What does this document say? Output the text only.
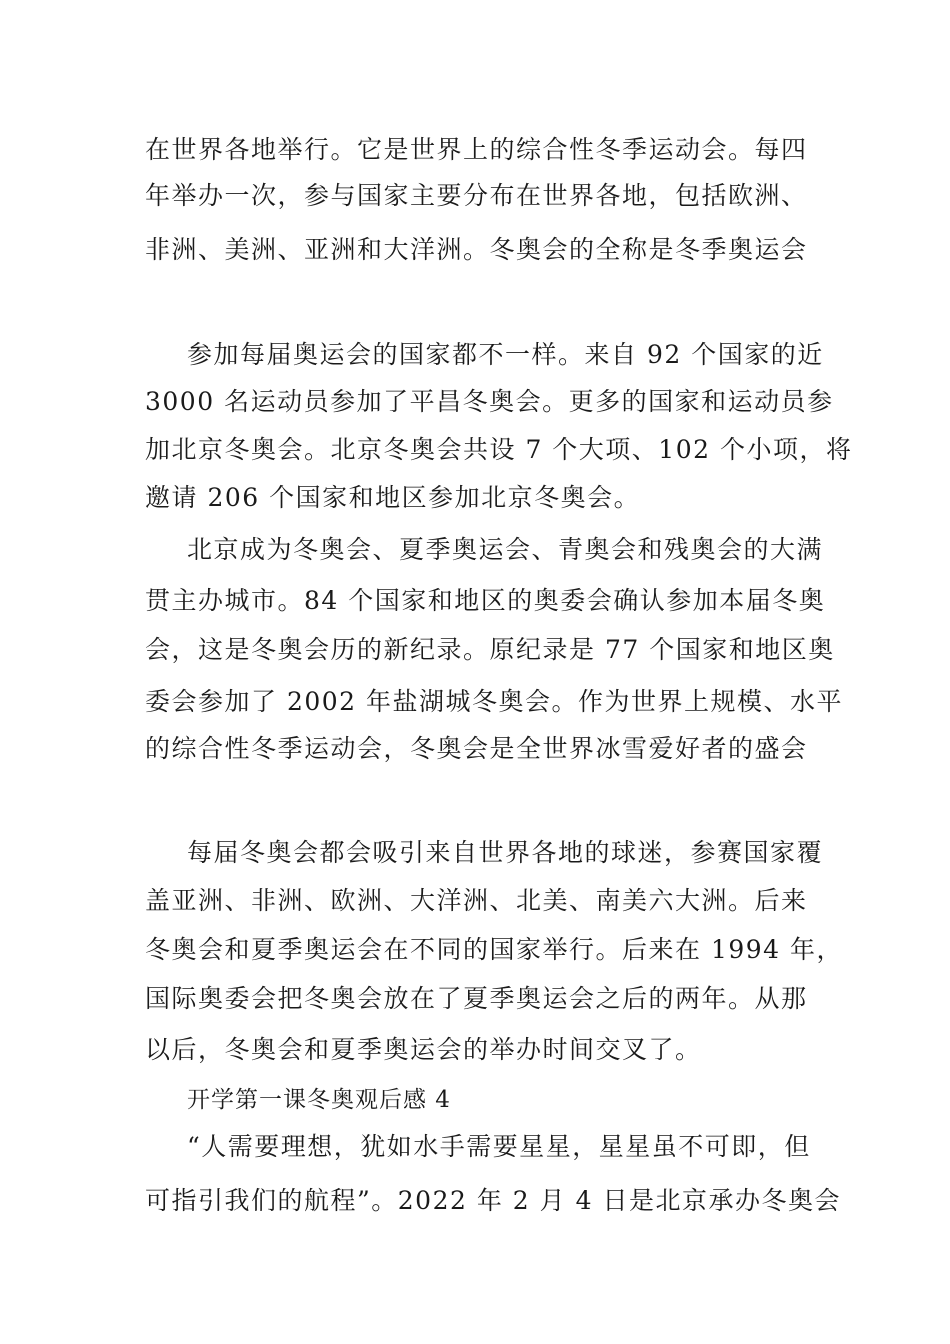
在世界各地举行。它是世界上的综合性冬季运动会。每四
年举办一次，参与国家主要分布在世界各地，包括欧洲、
非洲、美洲、亚洲和大洋洲。冬奥会的全称是冬季奥运会
参加每届奥运会的国家都不一样。来自 92 个国家的近
3000 名运动员参加了平昌冬奥会。更多的国家和运动员参
加北京冬奥会。北京冬奥会共设 7 个大项、102 个小项，将
邀请 206 个国家和地区参加北京冬奥会。
北京成为冬奥会、夏季奥运会、青奥会和残奥会的大满
贯主办城市。84 个国家和地区的奥委会确认参加本届冬奥
会，这是冬奥会历的新纪录。原纪录是 77 个国家和地区奥
委会参加了 2002 年盐湖城冬奥会。作为世界上规模、水平
的综合性冬季运动会，冬奥会是全世界冰雪爱好者的盛会
每届冬奥会都会吸引来自世界各地的球迷，参赛国家覆
盖亚洲、非洲、欧洲、大洋洲、北美、南美六大洲。后来
冬奥会和夏季奥运会在不同的国家举行。后来在 1994 年，
国际奥委会把冬奥会放在了夏季奥运会之后的两年。从那
以后，冬奥会和夏季奥运会的举办时间交叉了。
开学第一课冬奥观后感 4
“人需要理想，犹如水手需要星星，星星虽不可即，但
可指引我们的航程”。2022 年 2 月 4 日是北京承办冬奥会
